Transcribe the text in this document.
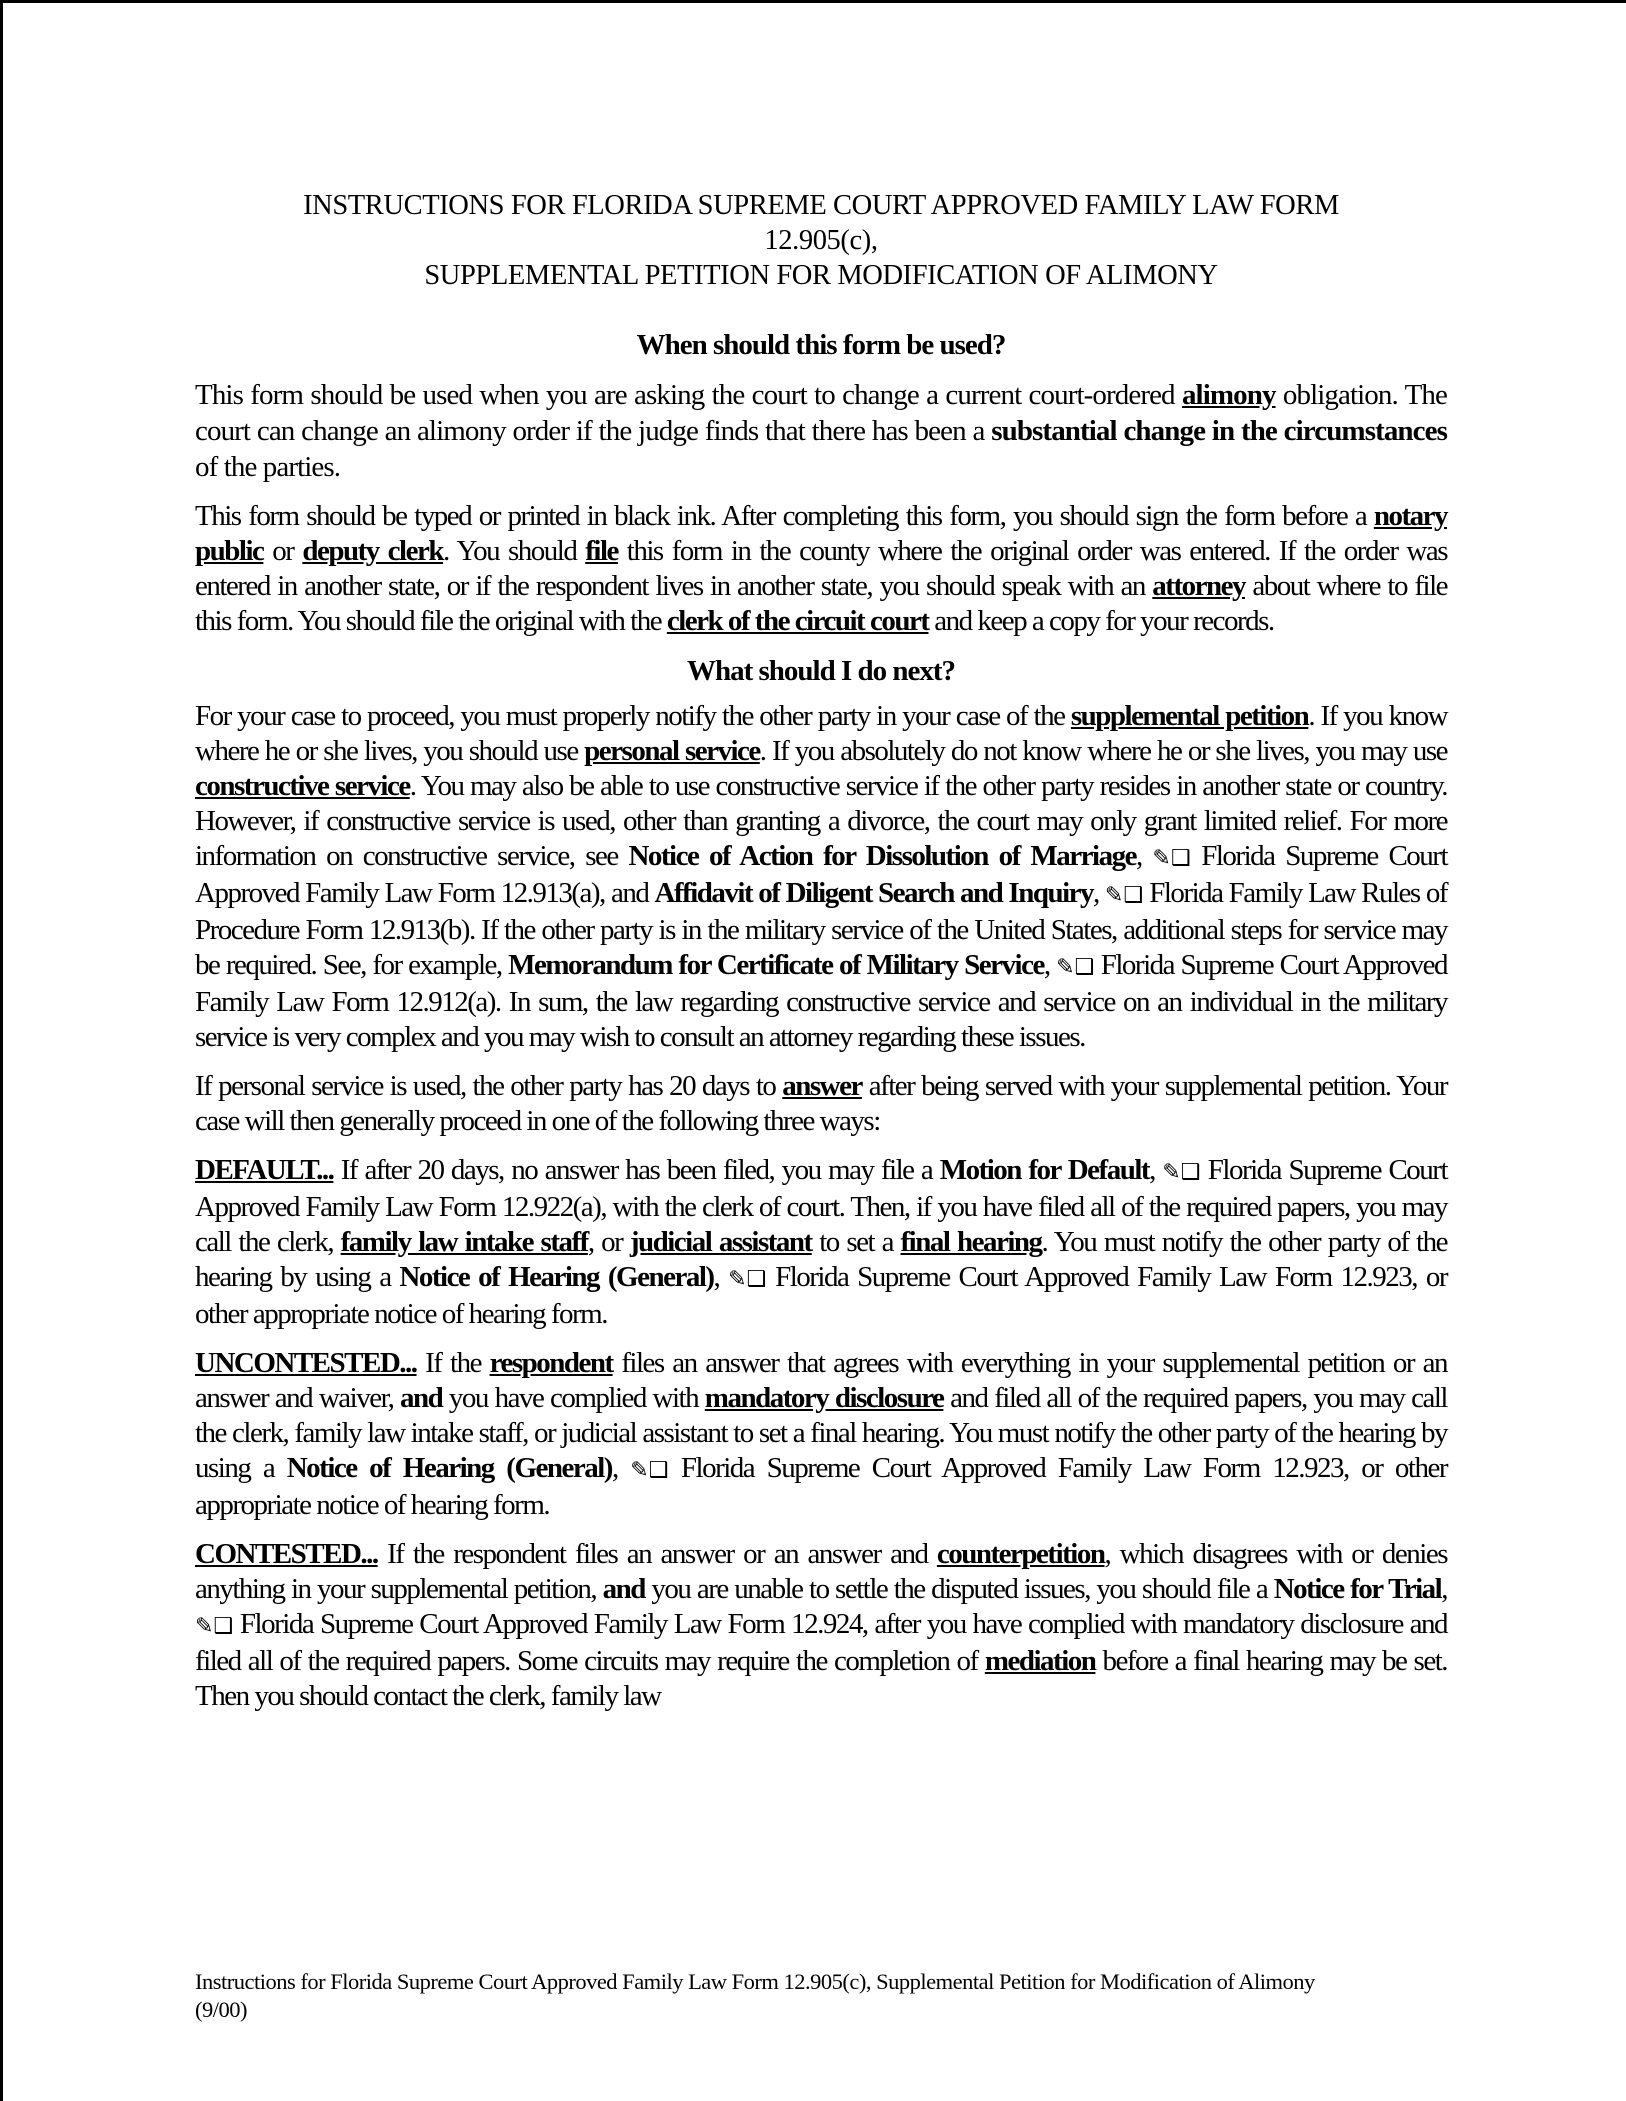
INSTRUCTIONS FOR FLORIDA SUPREME COURT APPROVED FAMILY LAW FORM
12.905(c),
SUPPLEMENTAL PETITION FOR MODIFICATION OF ALIMONY
When should this form be used?

This form should be used when you are asking the court to change a current court-ordered alimony obligation. The court can change an alimony order if the judge finds that there has been a substantial change in the circumstances of the parties.

This form should be typed or printed in black ink. After completing this form, you should sign the form before a notary public or deputy clerk. You should file this form in the county where the original order was entered. If the order was entered in another state, or if the respondent lives in another state, you should speak with an attorney about where to file this form. You should file the original with the clerk of the circuit court and keep a copy for your records.

What should I do next?

For your case to proceed, you must properly notify the other party in your case of the supplemental petition. If you know where he or she lives, you should use personal service. If you absolutely do not know where he or she lives, you may use constructive service. You may also be able to use constructive service if the other party resides in another state or country. However, if constructive service is used, other than granting a divorce, the court may only grant limited relief. For more information on constructive service, see Notice of Action for Dissolution of Marriage, ✎❑ Florida Supreme Court Approved Family Law Form 12.913(a), and Affidavit of Diligent Search and Inquiry, ✎❑ Florida Family Law Rules of Procedure Form 12.913(b). If the other party is in the military service of the United States, additional steps for service may be required. See, for example, Memorandum for Certificate of Military Service, ✎❑ Florida Supreme Court Approved Family Law Form 12.912(a). In sum, the law regarding constructive service and service on an individual in the military service is very complex and you may wish to consult an attorney regarding these issues.

If personal service is used, the other party has 20 days to answer after being served with your supplemental petition. Your case will then generally proceed in one of the following three ways:

DEFAULT... If after 20 days, no answer has been filed, you may file a Motion for Default, ✎❑ Florida Supreme Court Approved Family Law Form 12.922(a), with the clerk of court. Then, if you have filed all of the required papers, you may call the clerk, family law intake staff, or judicial assistant to set a final hearing. You must notify the other party of the hearing by using a Notice of Hearing (General), ✎❑ Florida Supreme Court Approved Family Law Form 12.923, or other appropriate notice of hearing form.

UNCONTESTED... If the respondent files an answer that agrees with everything in your supplemental petition or an answer and waiver, and you have complied with mandatory disclosure and filed all of the required papers, you may call the clerk, family law intake staff, or judicial assistant to set a final hearing. You must notify the other party of the hearing by using a Notice of Hearing (General), ✎❑ Florida Supreme Court Approved Family Law Form 12.923, or other appropriate notice of hearing form.

CONTESTED... If the respondent files an answer or an answer and counterpetition, which disagrees with or denies anything in your supplemental petition, and you are unable to settle the disputed issues, you should file a Notice for Trial, ✎❑ Florida Supreme Court Approved Family Law Form 12.924, after you have complied with mandatory disclosure and filed all of the required papers. Some circuits may require the completion of mediation before a final hearing may be set. Then you should contact the clerk, family law

Instructions for Florida Supreme Court Approved Family Law Form 12.905(c), Supplemental Petition for Modification of Alimony
(9/00)
